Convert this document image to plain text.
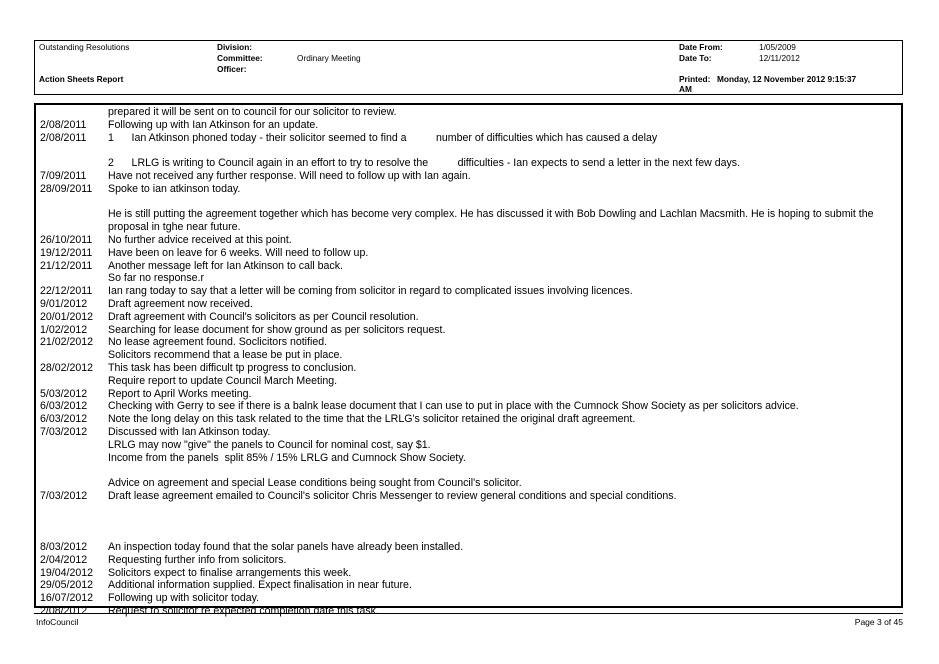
Outstanding Resolutions
Action Sheets Report
Division:
Committee:	Ordinary Meeting
Officer:
Date From:	1/05/2009
Date To:	12/11/2012
Printed: Monday, 12 November 2012 9:15:37
AM
prepared it will be sent on to council for our solicitor to review.
2/08/2011	Following up with Ian Atkinson for an update.
2/08/2011	1      Ian Atkinson phoned today - their solicitor seemed to find a          number of difficulties which has caused a delay
2      LRLG is writing to Council again in an effort to try to resolve the          difficulties - Ian expects to send a letter in the next few days.
7/09/2011	Have not received any further response. Will need to follow up with Ian again.
28/09/2011	Spoke to ian atkinson today.
He is still putting the agreement together which has become very complex. He has discussed it with Bob Dowling and Lachlan Macsmith. He is hoping to submit the proposal in tghe near future.
26/10/2011	No further advice received at this point.
19/12/2011	Have been on leave for 6 weeks. Will need to follow up.
21/12/2011	Another message left for Ian Atkinson to call back.
So far no response.r
22/12/2011	Ian rang today to say that a letter will be coming from solicitor in regard to complicated issues involving licences.
9/01/2012	Draft agreement now received.
20/01/2012	Draft agreement with Council's solicitors as per Council resolution.
1/02/2012	Searching for lease document for show ground as per solicitors request.
21/02/2012	No lease agreement found. Soclicitors notified.
Solicitors recommend that a lease be put in place.
28/02/2012	This task has been difficult tp progress to conclusion.
Require report to update Council March Meeting.
5/03/2012	Report to April Works meeting.
6/03/2012	Checking with Gerry to see if there is a balnk lease document that I can use to put in place with the Cumnock Show Society as per solicitors advice.
6/03/2012	Note the long delay on this task related to the time that the LRLG's solicitor retained the original draft agreement.
7/03/2012	Discussed with Ian Atkinson today.
LRLG may now "give" the panels to Council for nominal cost, say $1.
Income from the panels  split 85% / 15% LRLG and Cumnock Show Society.
Advice on agreement and special Lease conditions being sought from Council's solicitor.
7/03/2012	Draft lease agreement emailed to Council's solicitor Chris Messenger to review general conditions and special conditions.
8/03/2012	An inspection today found that the solar panels have already been installed.
2/04/2012	Requesting further info from solicitors.
19/04/2012	Solicitors expect to finalise arrangements this week.
29/05/2012	Additional information supplied. Expect finalisation in near future.
16/07/2012	Following up with solicitor today.
2/08/2012	Request to solicitor re expected completion date this task.
InfoCouncil	Page 3 of 45
